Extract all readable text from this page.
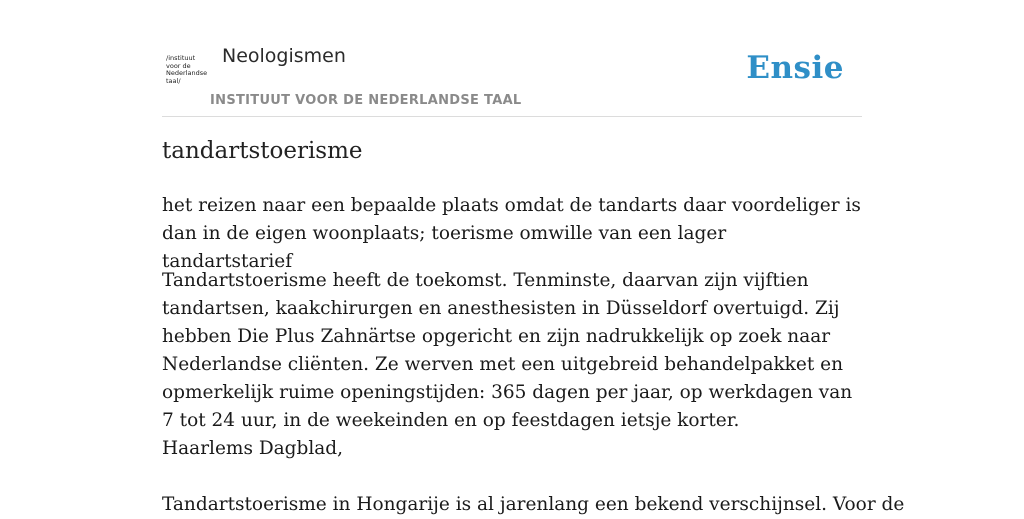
/instituut
voor de
Nederlandse
taal/
Neologismen
INSTITUUT VOOR DE NEDERLANDSE TAAL
Ensie
tandartstoerisme

het reizen naar een bepaalde plaats omdat de tandarts daar voordeliger is dan in de eigen woonplaats; toerisme omwille van een lager tandartstarief

Tandartstoerisme heeft de toekomst. Tenminste, daarvan zijn vijftien tandartsen, kaakchirurgen en anesthesisten in Düsseldorf overtuigd. Zij hebben Die Plus Zahnärtse opgericht en zijn nadrukkelijk op zoek naar Nederlandse cliënten. Ze werven met een uitgebreid behandelpakket en opmerkelijk ruime openingstijden: 365 dagen per jaar, op werkdagen van 7 tot 24 uur, in de weekeinden en op feestdagen ietsje korter.

Haarlems Dagblad,

Tandartstoerisme in Hongarije is al jarenlang een bekend verschijnsel. Voor de
